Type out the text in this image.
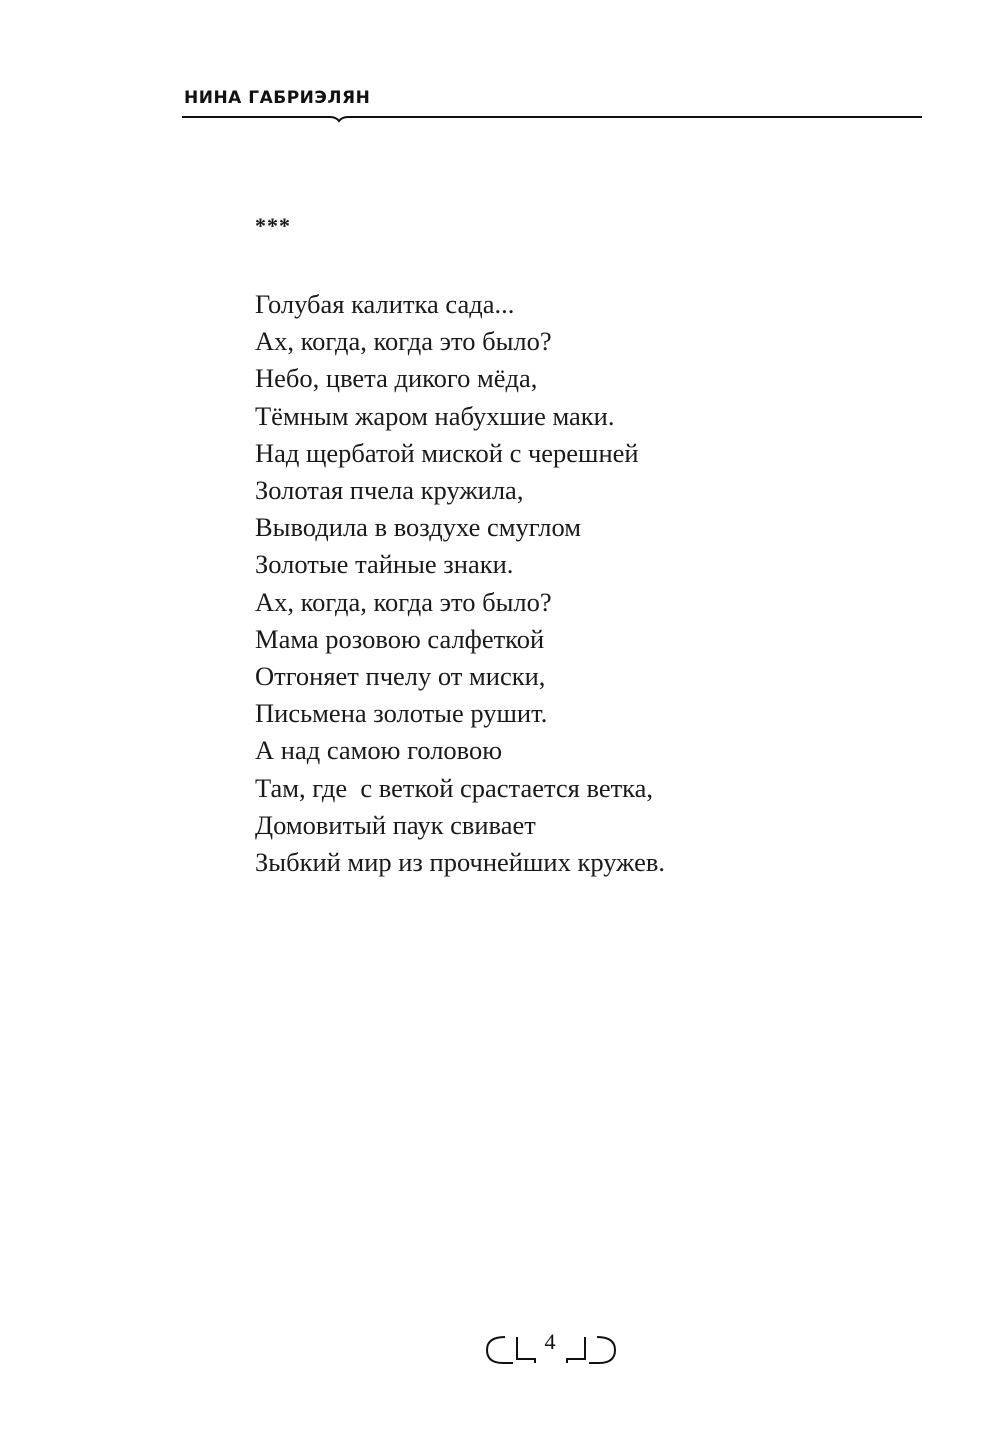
НИНА ГАБРИЭЛЯН
***
Голубая калитка сада...
Ах, когда, когда это было?
Небо, цвета дикого мёда,
Тёмным жаром набухшие маки.
Над щербатой миской с черешней
Золотая пчела кружила,
Выводила в воздухе смуглом
Золотые тайные знаки.
Ах, когда, когда это было?
Мама розовою салфеткой
Отгоняет пчелу от миски,
Письмена золотые рушит.
А над самою головою
Там, где  с веткой срастается ветка,
Домовитый паук свивает
Зыбкий мир из прочнейших кружев.
4
